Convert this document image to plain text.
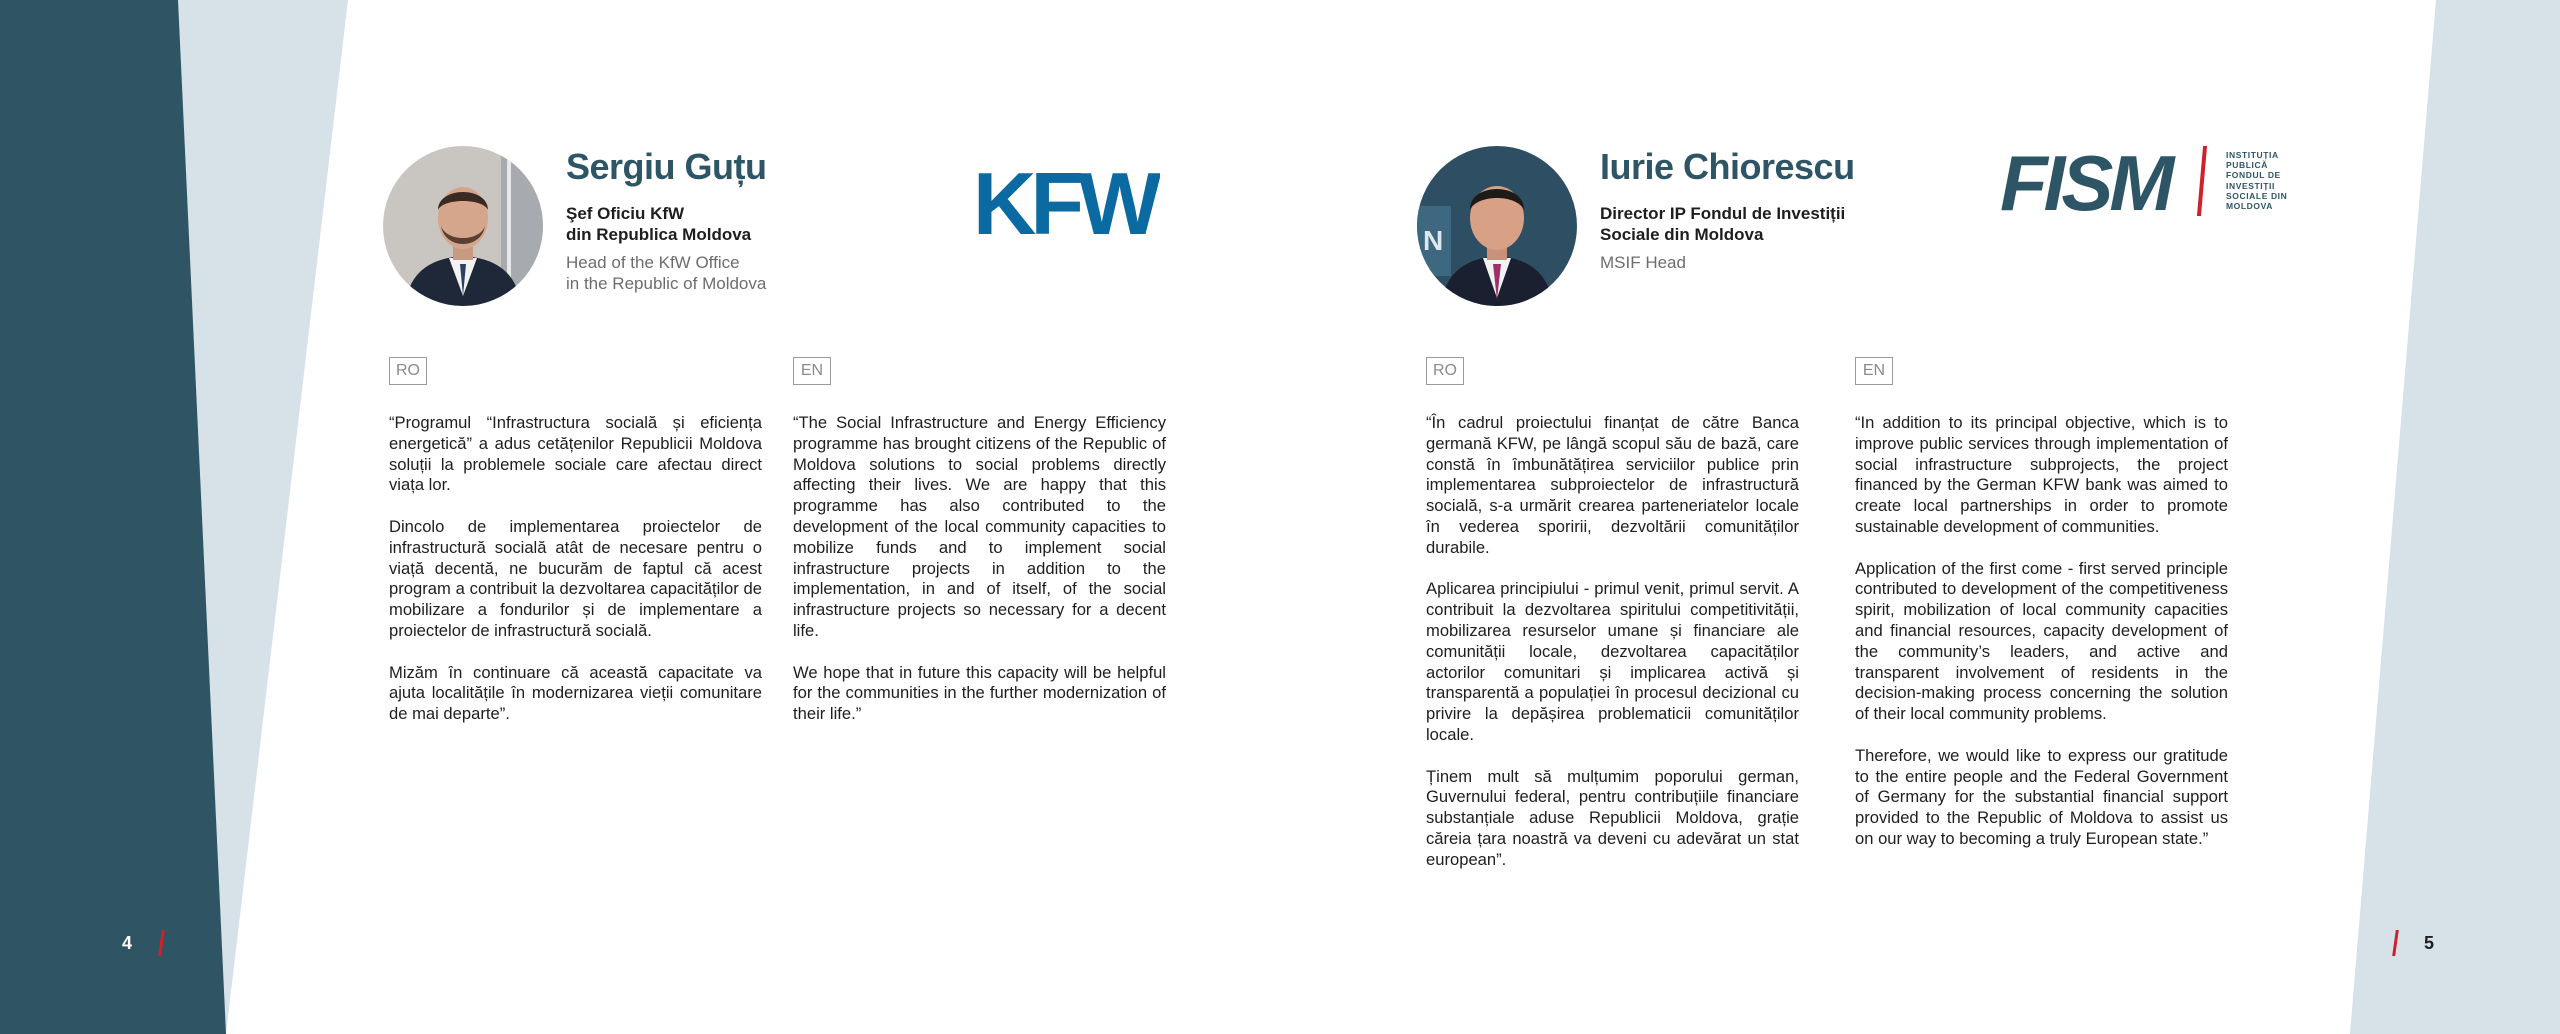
4	5
Sergiu Guțu
Şef Oficiu KfW
din Republica Moldova
Head of the KfW Office
in the Republic of Moldova
KFW
RO	EN

“Programul “Infrastructura socială și eficiența energetică” a adus cetățenilor Republicii Moldova soluții la problemele sociale care afectau direct viața lor.

Dincolo de implementarea proiectelor de infrastructură socială atât de necesare pentru o viață decentă, ne bucurăm de faptul că acest program a contribuit la dezvoltarea capacităților de mobilizare a fondurilor și de implementare a proiectelor de infrastructură socială.

Mizăm în continuare că această capacitate va ajuta localitățile în modernizarea vieții comunitare de mai departe”.

“The Social Infrastructure and Energy Efficiency programme has brought citizens of the Republic of Moldova solutions to social problems directly affecting their lives. We are happy that this programme has also contributed to the development of the local community capacities to mobilize funds and to implement social infrastructure projects in addition to the implementation, in and of itself, of the social infrastructure projects so necessary for a decent life.

We hope that in future this capacity will be helpful for the communities in the further modernization of their life.”

N
Iurie Chiorescu
Director IP Fondul de Investiții
Sociale din Moldova
MSIF Head
FISM	INSTITUȚIA
PUBLICĂ
FONDUL DE
INVESTIȚII
SOCIALE DIN
MOLDOVA
RO	EN

“În cadrul proiectului finanțat de către Banca germană KFW, pe lângă scopul său de bază, care constă în îmbunătățirea serviciilor publice prin implementarea subproiectelor de infrastructură socială, s-a urmărit crearea parteneriatelor locale în vederea sporirii, dezvoltării comunităților durabile.

Aplicarea principiului - primul venit, primul servit. A contribuit la dezvoltarea spiritului competitivității, mobilizarea resurselor umane și financiare ale comunității locale, dezvoltarea capacităților actorilor comunitari și implicarea activă și transparentă a populației în procesul decizional cu privire la depășirea problematicii comunităților locale.

Ținem mult să mulțumim poporului german, Guvernului federal, pentru contribuțiile financiare substanțiale aduse Republicii Moldova, grație căreia țara noastră va deveni cu adevărat un stat european”.

“In addition to its principal objective, which is to improve public services through implementation of social infrastructure subprojects, the project financed by the German KFW bank was aimed to create local partnerships in order to promote sustainable development of communities.

Application of the first come - first served principle contributed to development of the competitiveness spirit, mobilization of local community capacities and financial resources, capacity development of the community’s leaders, and active and transparent involvement of residents in the decision-making process concerning the solution of their local community problems.

Therefore, we would like to express our gratitude to the entire people and the Federal Government of Germany for the substantial financial support provided to the Republic of Moldova to assist us on our way to becoming a truly European state.”
